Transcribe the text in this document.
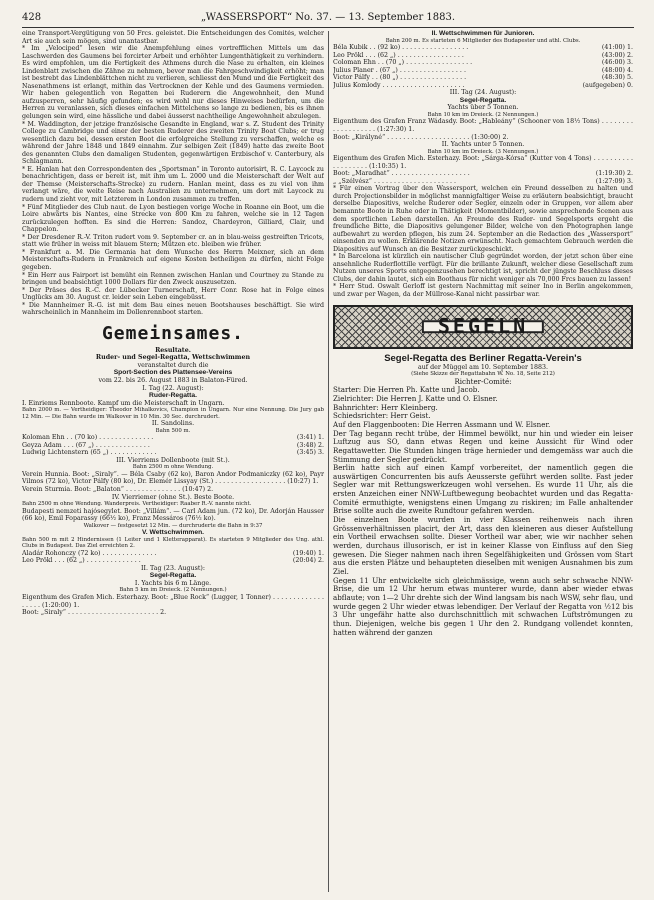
428	„WASSERSPORT“ No. 37. — 13. September 1883.

eine Transport-Vergütigung von 50 Frcs. geleistet. Die Entscheidungen des Comités, welcher Art sie auch sein mögen, sind unantastbar.

* Im „Velociped“ lesen wir die Anempfehlung eines vortrefflichen Mittels um das Laschwerden des Gaumens bei forcirter Arbeit und erhöhter Lungenthätigkeit zu verhindern. Es wird empfohlen, um die Fertigkeit des Athmens durch die Nase zu erhalten, ein kleines Lindenblatt zwischen die Zähne zu nehmen, bevor man die Fahrgeschwindigkeit erhöht; man ist bestrebt das Lindenblättchen nicht zu verlieren, schliesst den Mund und die Fertigkeit des Nasenathmens ist erlangt, mithin das Vertrocknen der Kehle und des Gaumens vermieden. Wir haben gelegentlich von Regatten bei Ruderern die Angewohnheit, den Mund aufzusperren, sehr häufig gefunden; es wird wohl nur dieses Hinweises bedürfen, um die Herren zu veranlassen, sich dieses einfachen Mittelchens so lange zu bedienen, bis es ihnen gelungen sein wird, eine hässliche und dabei äusserst nachtheilige Angewohnheit abzulegen.

* M. Waddington, der jetzige französische Gesandte in England, war s. Z. Student des Trinity College zu Cambridge und einer der besten Ruderer des zweiten Trinity Boat Clubs; er trug wesentlich dazu bei, dessen ersten Boot die erfolgreiche Stellung zu verschaffen, welche es während der Jahre 1848 und 1849 einnahm. Zur selbigen Zeit (1849) hatte das zweite Boot des genannten Clubs den damaligen Studenten, gegenwärtigen Erzbischof v. Canterbury, als Schlagmann.

* E. Hanlan hat den Correspondenten des „Sportsman“ in Toronto autorisirt, R. C. Laycock zu benachrichtigen, dass er bereit ist, mit ihm um L. 2000 und die Meisterschaft der Welt auf der Themse (Meisterschafts-Strecke) zu rudern. Hanlan meint, dass es zu viel von ihm verlangt wäre, die weite Reise nach Australien zu unternehmen, um dort mit Laycock zu rudern und zieht vor, mit Letzterem in London zusammen zu treffen.

* Fünf Mitglieder des Club naut. de Lyon bestiegen vorige Woche in Roanne ein Boot, um die Loire abwärts bis Nantes, eine Strecke von 800 Km zu fahren, welche sie in 12 Tagen zurückzulegen hofften. Es sind die Herren: Sandoz, Chardeyron, Gilliard, Clair, und Chappelon.

* Der Dresdener R.-V. Triton rudert vom 9. September cr. an in blau-weiss gestreiften Tricots, statt wie früher in weiss mit blauem Stern; Mützen etc. bleiben wie früher.

* Frankfurt a. M. Die Germania hat dem Wunsche des Herrn Meixner, sich an dem Meisterschafts-Rudern in Frankreich auf eigene Kosten betheiligen zu dürfen, nicht Folge gegeben.

* Ein Herr aus Fairport ist bemüht ein Rennen zwischen Hanlan und Courtney zu Stande zu bringen und beabsichtigt 1000 Dollars für den Zweck auszusetzen.

* Der Präses des R.-C. der Lübecker Turnerschaft, Herr Conr. Rose hat in Folge eines Unglücks am 30. August cr. leider sein Leben eingebüsst.

* Die Mannheimer R.-G. ist mit dem Bau eines neuen Bootshauses beschäftigt. Sie wird wahrscheinlich in Mannheim im Dollenrennboot starten.

Gemeinsames.
Resultate.
Ruder- und Segel-Regatta, Wettschwimmen
veranstaltet durch die
Sport-Section des Plattensee-Vereins
vom 22. bis 26. August 1883 in Balaton-Füred.
I. Tag (22. August):
Ruder-Regatta.
I. Einriems Rennboote. Kampf um die Meisterschaft in Ungarn.
Bahn 2000 m. — Vertheidiger: Theodor Mihalkovics, Champion in Ungarn. Nur eine Nennung. Die Jury gab 12 Min. — Die Bahn wurde im Walkover in 10 Min. 30 Sec. durchrudert.
II. Sandolins.
Bahn 500 m.
Koloman Ehn . . (70 ko) . . . . . . . . . . . . . .	(3:41) 1.
Geyza Adam . . . (67 „) . . . . . . . . . . . . . .	(3:48) 2.
Ludwig Lichtenstern (65 „) . . . . . . . . . . . .	(3:45) 3.
III. Vierriems Dollenboote (mit St.).
Bahn 2500 m ohne Wendung.
Verein Hunnia. Boot: „Siraly“. — Béla Csaby (62 ko), Baron Andor Podmaniczky (62 ko), Payr Vilmos (72 ko), Victor Pálfy (80 ko), Dr. Elemér Lissyay (St.) . . . . . . . . . . . . . . . . . . (10:27) 1.
Verein Sturmia. Boot: „Balaton“ . . . . . . . . . . . . . . (10:47) 2.
IV. Vierriemer (ohne St.). Beste Boote.
Bahn 2500 m ohne Wendung. Wanderpreis. Vertheidiger: Raaber R.-V. nannte nicht.
Budapesti nemzeti hajósegylet. Boot: „Villám“. — Carl Adam jun. (72 ko), Dr. Adorján Hausser (66 ko), Emil Foparassy (66½ ko), Franz Messáros (76½ ko).
Walkover — festgesetzt 12 Min. — durchruderte die Bahn in 9:37
V. Wettschwimmen.
Bahn 500 m mit 2 Hindernissen (1 Leiter und 1 Kletterapparat). Es starteten 9 Mitglieder des Ung. athl. Clubs in Budapest. Das Ziel erreichten 2.
Aladár Rohonczy (72 ko) . . . . . . . . . . . . . .	(19:40) 1.
Leo Prökl . . . (62 „) . . . . . . . . . . . . . .	(20:04) 2.
II. Tag (23. August):
Segel-Regatta.
I. Yachts bis 6 m Länge.
Bahn 5 km im Dreieck. (2 Nennungen.)
Eigenthum des Grafen Mich. Esterhazy. Boot: „Blue Rock“ (Lugger, 1 Tonner) . . . . . . . . . . . . . . . . . . (1:20:00) 1.
Boot: „Siraly“ . . . . . . . . . . . . . . . . . . . . . . . 2.
II. Wettschwimmen für Junioren.
Bahn 200 m. Es starteten 6 Mitglieder des Budapester und athl. Clubs.
Béla Kubik . . (92 ko) . . . . . . . . . . . . . . . . .	(41:00) 1.
Leo Prökl . . . (62 „) . . . . . . . . . . . . . . . . .	(43:00) 2.
Coloman Ehn . . (70 „) . . . . . . . . . . . . . . . . .	(46:00) 3.
Julius Planer . (67 „) . . . . . . . . . . . . . . . . .	(48:00) 4.
Victor Pálfy . . (80 „) . . . . . . . . . . . . . . . . .	(48:30) 5.
Julius Komlody . . . . . . . . . . . . . . . . . . . . .	(aufgegeben) 0.
III. Tag (24. August):
Segel-Regatta.
Yachts über 5 Tonnen.
Bahn 10 km im Dreieck. (2 Nennungen.)
Eigenthum des Grafen Franz Wádasdy. Boot: „Hableány“ (Schooner von 18½ Tons) . . . . . . . . . . . . . . . . . . . (1:27:30) 1.
Boot: „Királyné“ . . . . . . . . . . . . . . . . . . . . . (1:30:00) 2.
II. Yachts unter 5 Tonnen.
Bahn 10 km im Dreieck. (3 Nennungen.)
Eigenthum des Grafen Mich. Esterhazy. Boot: „Sárga-Kórsa“ (Kutter von 4 Tons) . . . . . . . . . . . . . . . . . . . (1:10:35) 1.
Boot: „Maradhat“ . . . . . . . . . . . . . . . . . . . .	(1:19:30) 2.
„ „Szélvész“ . . . . . . . . . . . . . . . . . . . . .	(1:27:09) 3.

* Für einen Vortrag über den Wassersport, welchen ein Freund desselben zu halten und durch Projectionsbilder in möglichst mannigfaltiger Weise zu erläutern beabsichtigt, braucht derselbe Diapositivs, welche Ruderer oder Segler, einzeln oder in Gruppen, vor allem aber bemannte Boote in Ruhe oder in Thätigkeit (Momentbilder), sowie ansprechende Scenen aus dem sportlichen Leben darstellen. An Freunde des Ruder- und Segelsports ergeht die freundliche Bitte, die Diapositivs gelungener Bilder, welche von den Photographen lange aufbewahrt zu werden pflegen, bis zum 24. September an die Redaction des „Wassersport“ einsenden zu wollen. Erklärende Notizen erwünscht. Nach gemachtem Gebrauch werden die Diapositivs auf Wunsch an die Besitzer zurückgeschickt.

* In Barcelona ist kürzlich ein nautischer Club gegründet worden, der jetzt schon über eine ansehnliche Ruderflottille verfügt. Für die brillante Zukunft, welcher diese Gesellschaft zum Nutzen unseres Sports entgegenzusehen berechtigt ist, spricht der jüngste Beschluss dieses Clubs, der dahin lautet, sich ein Boothaus für nicht weniger als 70,000 Frcs bauen zu lassen!

* Herr Stud. Oswalt Gerloff ist gestern Nachmittag mit seiner Ino in Berlin angekommen, und zwar per Wagen, da der Müllrose-Kanal nicht passirbar war.

SEGELN
Segel-Regatta des Berliner Regatta-Verein's
auf der Müggel am 10. September 1883.
(Siehe Skizze der Regattabahn W. No. 18, Seite 212)
Richter-Comité:
Starter: Die Herren Ph. Katte und Jacob.
Zielrichter: Die Herren J. Katte und O. Elsner.
Bahnrichter: Herr Kleinberg.
Schiedsrichter: Herr Geist.
Auf den Flaggenbooten: Die Herren Assmann und W. Elsner.

Der Tag begann recht trübe, der Himmel bewölkt, nur hin und wieder ein leiser Luftzug aus SO, dann etwas Regen und keine Aussicht für Wind oder Regattawetter. Die Stunden hingen träge hernieder und demgemäss war auch die Stimmung der Segler gedrückt.

Berlin hatte sich auf einen Kampf vorbereitet, der namentlich gegen die auswärtigen Concurrenten bis aufs Aeusserste geführt werden sollte. Fast jeder Segler war mit Rettungswerkzeugen wohl versehen. Es wurde 11 Uhr, als die ersten Anzeichen einer NNW-Luftbewegung beobachtet wurden und das Regatta-Comité ermuthigte, wenigstens einen Umgang zu riskiren; im Falle anhaltender Brise sollte auch die zweite Rundtour gefahren werden.

Die einzelnen Boote wurden in vier Klassen reihenweis nach ihren Grössenverhältnissen placirt, der Art, dass den kleineren aus dieser Aufstellung ein Vortheil erwachsen sollte. Dieser Vortheil war aber, wie wir nachher sehen werden, durchaus illusorisch, er ist in keiner Klasse von Einfluss auf den Sieg gewesen. Die Sieger nahmen nach ihren Segelfähigkeiten und Grössen vom Start aus die ersten Plätze und behaupteten dieselben mit wenigen Ausnahmen bis zum Ziel.

Gegen 11 Uhr entwickelte sich gleichmässige, wenn auch sehr schwache NNW-Brise, die um 12 Uhr herum etwas munterer wurde, dann aber wieder etwas abflaute; von 1—2 Uhr drehte sich der Wind langsam bis nach WSW, sehr flau, und wurde gegen 2 Uhr wieder etwas lebendiger. Der Verlauf der Regatta von ½12 bis 3 Uhr ungefähr hatte also durchschnittlich mit schwachen Luftströmungen zu thun. Diejenigen, welche bis gegen 1 Uhr den 2. Rundgang vollendet konnten, hatten während der ganzen
